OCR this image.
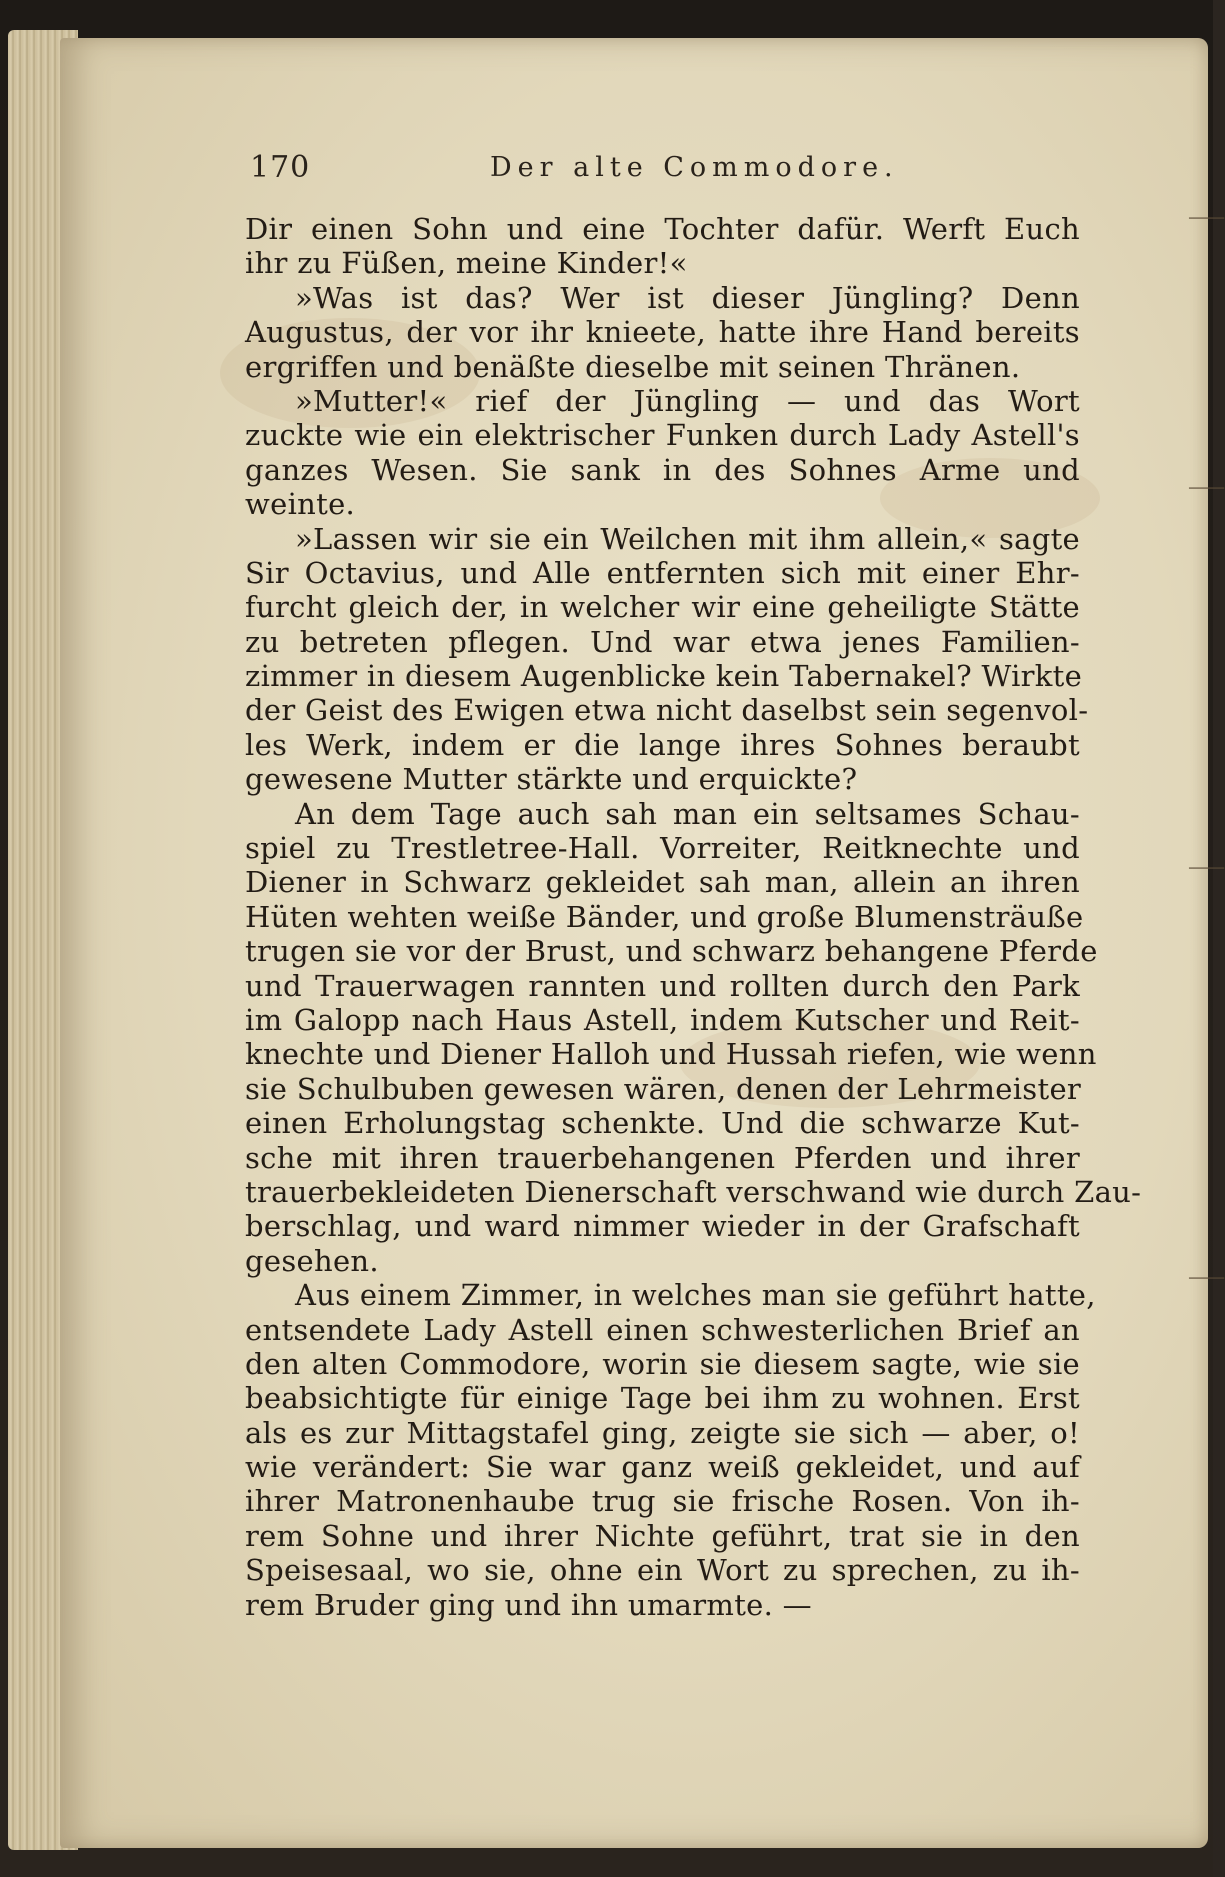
170	Der alte Commodore.
Dir einen Sohn und eine Tochter dafür. Werft Euch
ihr zu Füßen, meine Kinder!«
»Was ist das? Wer ist dieser Jüngling? Denn
Augustus, der vor ihr knieete, hatte ihre Hand bereits
ergriffen und benäßte dieselbe mit seinen Thränen.
»Mutter!« rief der Jüngling — und das Wort
zuckte wie ein elektrischer Funken durch Lady Astell's
ganzes Wesen. Sie sank in des Sohnes Arme und
weinte.
»Lassen wir sie ein Weilchen mit ihm allein,« sagte
Sir Octavius, und Alle entfernten sich mit einer Ehr-
furcht gleich der, in welcher wir eine geheiligte Stätte
zu betreten pflegen. Und war etwa jenes Familien-
zimmer in diesem Augenblicke kein Tabernakel? Wirkte
der Geist des Ewigen etwa nicht daselbst sein segenvol-
les Werk, indem er die lange ihres Sohnes beraubt
gewesene Mutter stärkte und erquickte?
An dem Tage auch sah man ein seltsames Schau-
spiel zu Trestletree-Hall. Vorreiter, Reitknechte und
Diener in Schwarz gekleidet sah man, allein an ihren
Hüten wehten weiße Bänder, und große Blumensträuße
trugen sie vor der Brust, und schwarz behangene Pferde
und Trauerwagen rannten und rollten durch den Park
im Galopp nach Haus Astell, indem Kutscher und Reit-
knechte und Diener Halloh und Hussah riefen, wie wenn
sie Schulbuben gewesen wären, denen der Lehrmeister
einen Erholungstag schenkte. Und die schwarze Kut-
sche mit ihren trauerbehangenen Pferden und ihrer
trauerbekleideten Dienerschaft verschwand wie durch Zau-
berschlag, und ward nimmer wieder in der Grafschaft
gesehen.
Aus einem Zimmer, in welches man sie geführt hatte,
entsendete Lady Astell einen schwesterlichen Brief an
den alten Commodore, worin sie diesem sagte, wie sie
beabsichtigte für einige Tage bei ihm zu wohnen. Erst
als es zur Mittagstafel ging, zeigte sie sich — aber, o!
wie verändert: Sie war ganz weiß gekleidet, und auf
ihrer Matronenhaube trug sie frische Rosen. Von ih-
rem Sohne und ihrer Nichte geführt, trat sie in den
Speisesaal, wo sie, ohne ein Wort zu sprechen, zu ih-
rem Bruder ging und ihn umarmte. —
⸺
⸺
⸺
⸺
